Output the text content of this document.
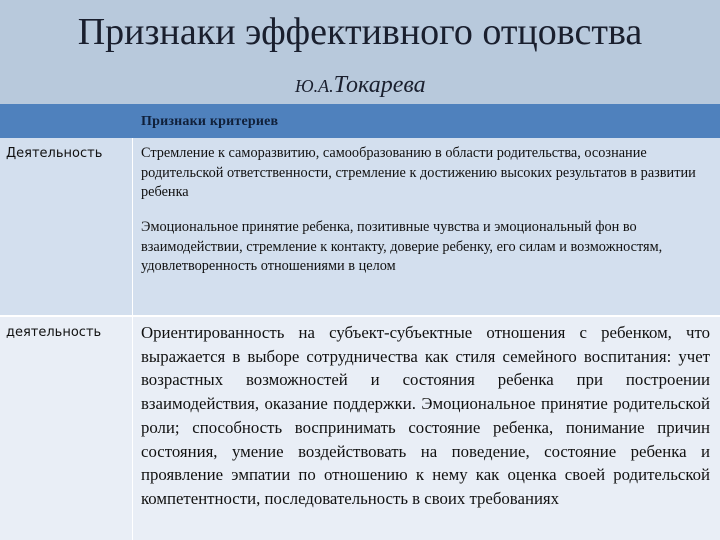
Признаки эффективного отцовства
Ю.А.Токарева
Признаки критериев
Деятельность	Стремление к саморазвитию, самообразованию в области родительства, осознание родительской ответственности, стремление к достижению высоких результатов в развитии ребенка
Эмоциональное принятие ребенка, позитивные чувства и эмоциональный фон во взаимодействии, стремление к контакту, доверие ребенку, его силам и возможностям, удовлетворенность отношениями в целом
деятельность	Ориентированность на субъект-субъектные отношения с ребенком, что выражается в выборе сотрудничества как стиля семейного воспитания: учет возрастных возможностей и состояния ребенка при построении взаимодействия, оказание поддержки. Эмоциональное принятие родительской роли; способность воспринимать состояние ребенка, понимание причин состояния, умение воздействовать на поведение, состояние ребенка и проявление эмпатии по отношению к нему как оценка своей родительской компетентности, последовательность в своих требованиях
